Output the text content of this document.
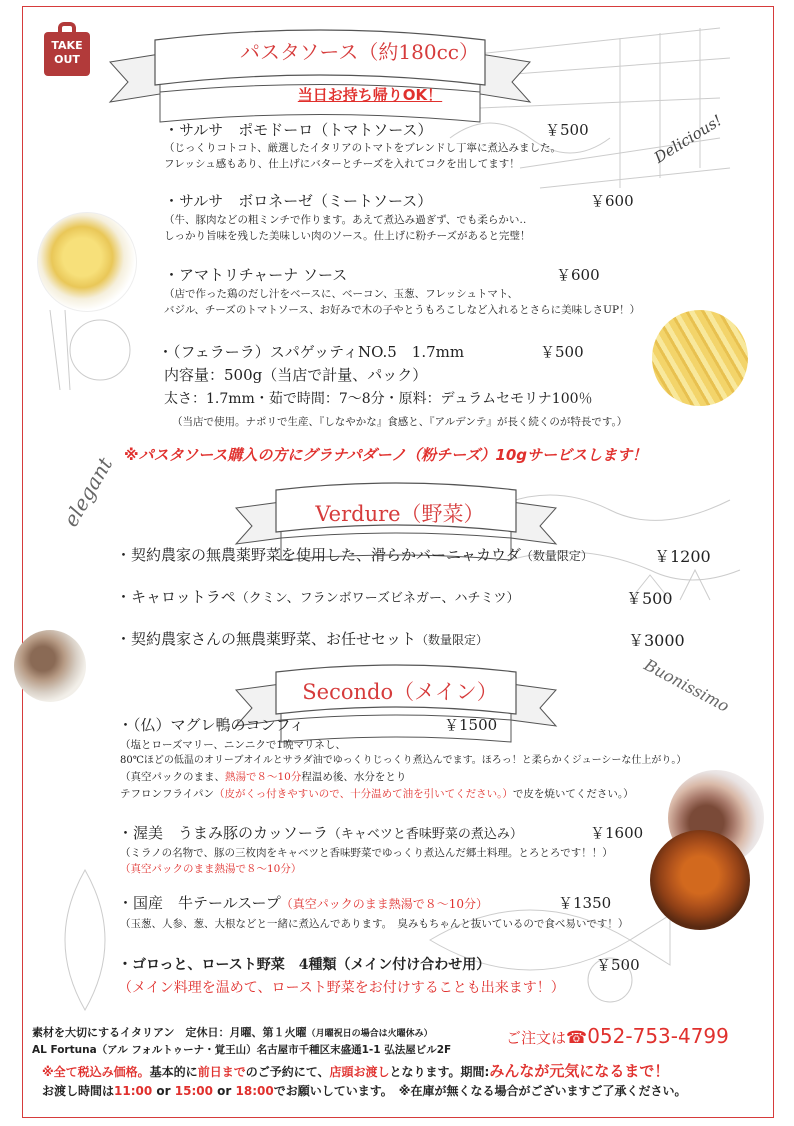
TAKE
OUT	パスタソース（約180cc）
当日お持ち帰りOK！
・サルサ　ポモドーロ（トマトソース）	￥500
（じっくりコトコト、厳選したイタリアのトマトをブレンドし丁寧に煮込みました。
フレッシュ感もあり、仕上げにバターとチーズを入れてコクを出してます！
・サルサ　ボロネーゼ（ミートソース）	￥600
（牛、豚肉などの粗ミンチで作ります。あえて煮込み過ぎず、でも柔らかい‥
しっかり旨味を残した美味しい肉のソース。仕上げに粉チーズがあると完璧！
・アマトリチャーナ ソース	￥600
（店で作った鶏のだし汁をベースに、ベーコン、玉葱、フレッシュトマト、
バジル、チーズのトマトソース、お好みで木の子やとうもろこしなど入れるとさらに美味しさUP！）
・（フェラーラ）スパゲッティNO.5　1.7mm	￥500
内容量：500g（当店で計量、パック）
太さ：1.7mm・茹で時間：7～8分・原料：デュラムセモリナ100％
（当店で使用。ナポリで生産、『しなやかな』食感と、『アルデンテ』が長く続くのが特長です。）
※パスタソース購入の方にグラナパダーノ（粉チーズ）10gサービスします！
Verdure（野菜）
・契約農家の無農薬野菜を使用した、滑らかバーニャカウダ（数量限定）	￥1200
・キャロットラペ（クミン、フランボワーズビネガー、ハチミツ）	￥500
・契約農家さんの無農薬野菜、お任せセット（数量限定）	￥3000
Secondo（メイン）
・（仏）マグレ鴨のコンフィ	￥1500
（塩とローズマリー、ニンニクで1晩マリネし、
80℃ほどの低温のオリーブオイルとサラダ油でゆっくりじっくり煮込んでます。ほろっ！と柔らかくジューシーな仕上がり。）
（真空パックのまま、熱湯で８～10分程温め後、水分をとり
テフロンフライパン（皮がくっ付きやすいので、十分温めて油を引いてください。）で皮を焼いてください。）
・渥美　うまみ豚のカッソーラ（キャベツと香味野菜の煮込み）	￥1600
（ミラノの名物で、豚の三枚肉をキャベツと香味野菜でゆっくり煮込んだ郷土料理。とろとろです！！）
（真空パックのまま熱湯で８～10分）
・国産　牛テールスープ（真空パックのまま熱湯で８～10分）	￥1350
（玉葱、人参、葱、大根などと一緒に煮込んであります。　臭みもちゃんと抜いているので食べ易いです！）
・ゴロっと、ロースト野菜　4種類（メイン付け合わせ用）	￥500
（メイン料理を温めて、ロースト野菜をお付けすることも出来ます！）
素材を大切にするイタリアン　定休日：月曜、第１火曜（月曜祝日の場合は火曜休み）
AL Fortuna（アル フォルトゥーナ・覚王山）名古屋市千種区末盛通1-1 弘法屋ビル2F
ご注文は☎052-753-4799
※全て税込み価格。基本的に前日までのご予約にて、店頭お渡しとなります。期間:みんなが元気になるまで！
お渡し時間は11:00 or 15:00 or 18:00でお願いしています。　 ※在庫が無くなる場合がございますご了承ください。
Delicious!
elegant
Buonissimo
